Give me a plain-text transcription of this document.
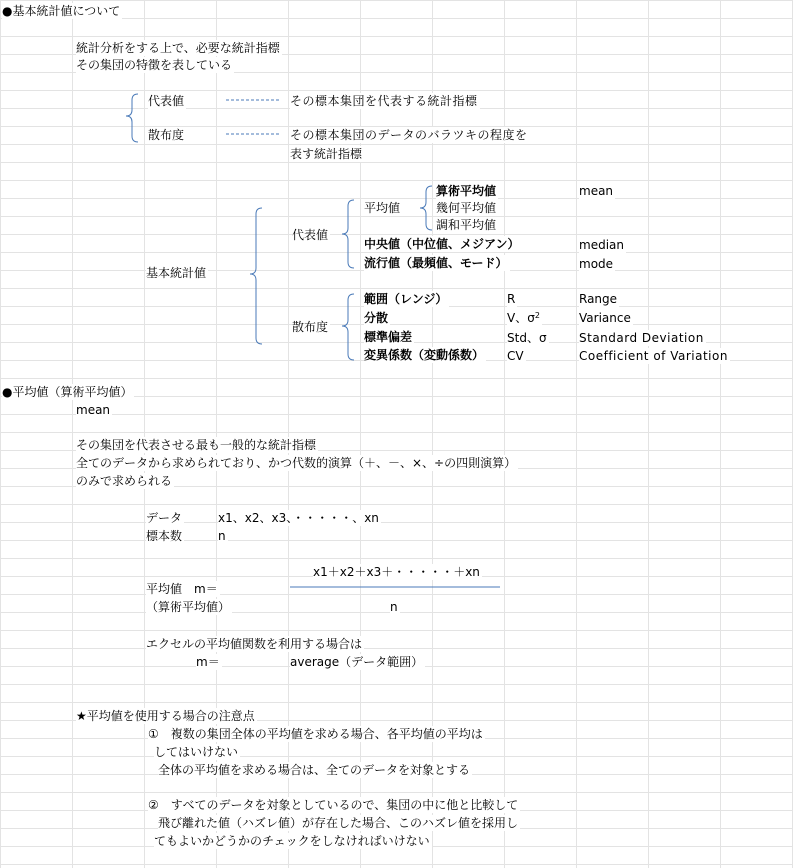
●基本統計値について
統計分析をする上で、必要な統計指標
その集団の特徴を表している
代表値	その標本集団を代表する統計指標
散布度	その標本集団のデータのバラツキの程度を
表す統計指標
基本統計値
代表値
平均値
算術平均値	mean
幾何平均値
調和平均値
中央値（中位値、メジアン）	median
流行値（最頻値、モード）	mode
散布度
範囲（レンジ）	R	Range
分散	V、$\sigma^2$	Variance
標準偏差	Std、σ	Standard Deviation
変異係数（変動係数） CV	Coefficient of Variation
●平均値（算術平均値）
mean
その集団を代表させる最も一般的な統計指標
全てのデータから求められており、かつ代数的演算（＋、－、×、÷の四則演算）
のみで求められる
データ	x1、x2、x3、・・・・・、xn
標本数	n
x1＋x2＋x3＋・・・・・＋xn
平均値　m＝
（算術平均値）	n
エクセルの平均値関数を利用する場合は
m＝	average（データ範囲）
★平均値を使用する場合の注意点
①　複数の集団全体の平均値を求める場合、各平均値の平均は
してはいけない
全体の平均値を求める場合は、全てのデータを対象とする
②　すべてのデータを対象としているので、集団の中に他と比較して
飛び離れた値（ハズレ値）が存在した場合、このハズレ値を採用し
てもよいかどうかのチェックをしなければいけない
